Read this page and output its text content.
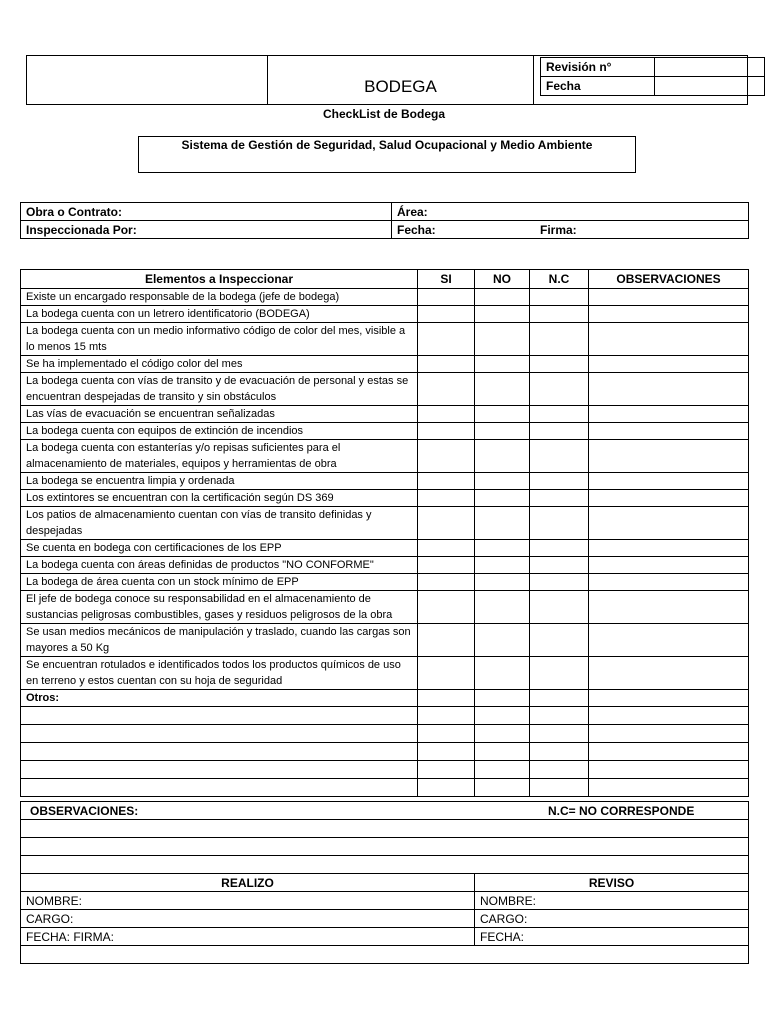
BODEGA
Revisión n°	
Fecha	
CheckList de Bodega
Sistema de Gestión de Seguridad, Salud Ocupacional y Medio Ambiente
Obra o Contrato:	Área:
Inspeccionada Por:	Fecha: Firma:
Elementos a Inspeccionar	SI	NO	N.C	OBSERVACIONES
Existe un encargado responsable de la bodega (jefe de bodega)				
La bodega cuenta con un letrero identificatorio (BODEGA)				
La bodega cuenta con un medio informativo código de color del mes, visible a lo menos 15 mts				
Se ha implementado el código color del mes				
La bodega cuenta con vías de transito y de evacuación de personal y estas se encuentran despejadas de transito y sin obstáculos				
Las vías de evacuación se encuentran señalizadas				
La bodega cuenta con equipos de extinción de incendios				
La bodega cuenta con estanterías y/o repisas suficientes para el almacenamiento de materiales, equipos y herramientas de obra				
La bodega se encuentra limpia y ordenada				
Los extintores se encuentran con la certificación según DS 369				
Los patios de almacenamiento cuentan con vías de transito definidas y despejadas				
Se cuenta en bodega con certificaciones de los EPP				
La bodega cuenta con áreas definidas de productos "NO CONFORME"				
La bodega de área cuenta con un stock mínimo de EPP				
El jefe de bodega conoce su responsabilidad en el almacenamiento de sustancias peligrosas combustibles, gases y residuos peligrosos de la obra				
Se usan medios mecánicos de manipulación y traslado, cuando las cargas son mayores a 50 Kg				
Se encuentran rotulados e identificados todos los productos químicos de uso en terreno y estos cuentan con su hoja de seguridad				
Otros:				

OBSERVACIONES: N.C= NO CORRESPONDE	

REALIZO	REVISO
NOMBRE:	NOMBRE:
CARGO:	CARGO:
FECHA: FIRMA:	FECHA:
